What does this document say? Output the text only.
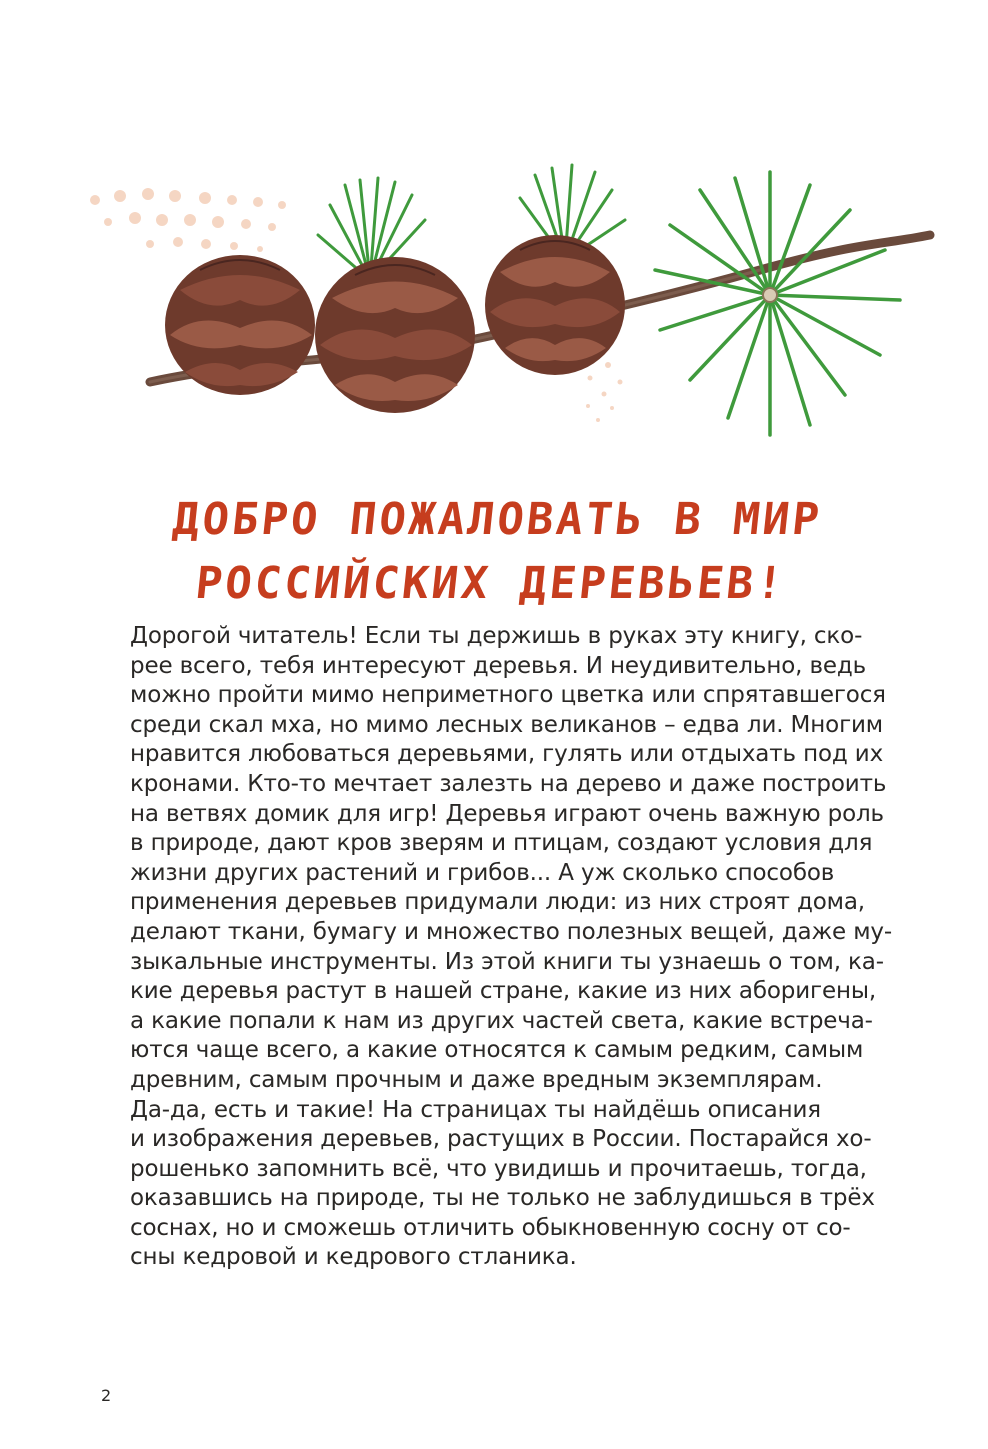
ДОБРО ПОЖАЛОВАТЬ В МИР
РОССИЙСКИХ ДЕРЕВЬЕВ!
Дорогой читатель! Если ты держишь в руках эту книгу, ско-
рее всего, тебя интересуют деревья. И неудивительно, ведь
можно пройти мимо неприметного цветка или спрятавшегося
среди скал мха, но мимо лесных великанов – едва ли. Многим
нравится любоваться деревьями, гулять или отдыхать под их
кронами. Кто-то мечтает залезть на дерево и даже построить
на ветвях домик для игр! Деревья играют очень важную роль
в природе, дают кров зверям и птицам, создают условия для
жизни других растений и грибов... А уж сколько способов
применения деревьев придумали люди: из них строят дома,
делают ткани, бумагу и множество полезных вещей, даже му-
зыкальные инструменты. Из этой книги ты узнаешь о том, ка-
кие деревья растут в нашей стране, какие из них аборигены,
а какие попали к нам из других частей света, какие встреча-
ются чаще всего, а какие относятся к самым редким, самым
древним, самым прочным и даже вредным экземплярам.
Да-да, есть и такие! На страницах ты найдёшь описания
и изображения деревьев, растущих в России. Постарайся хо-
рошенько запомнить всё, что увидишь и прочитаешь, тогда,
оказавшись на природе, ты не только не заблудишься в трёх
соснах, но и сможешь отличить обыкновенную сосну от со-
сны кедровой и кедрового стланика.
2
